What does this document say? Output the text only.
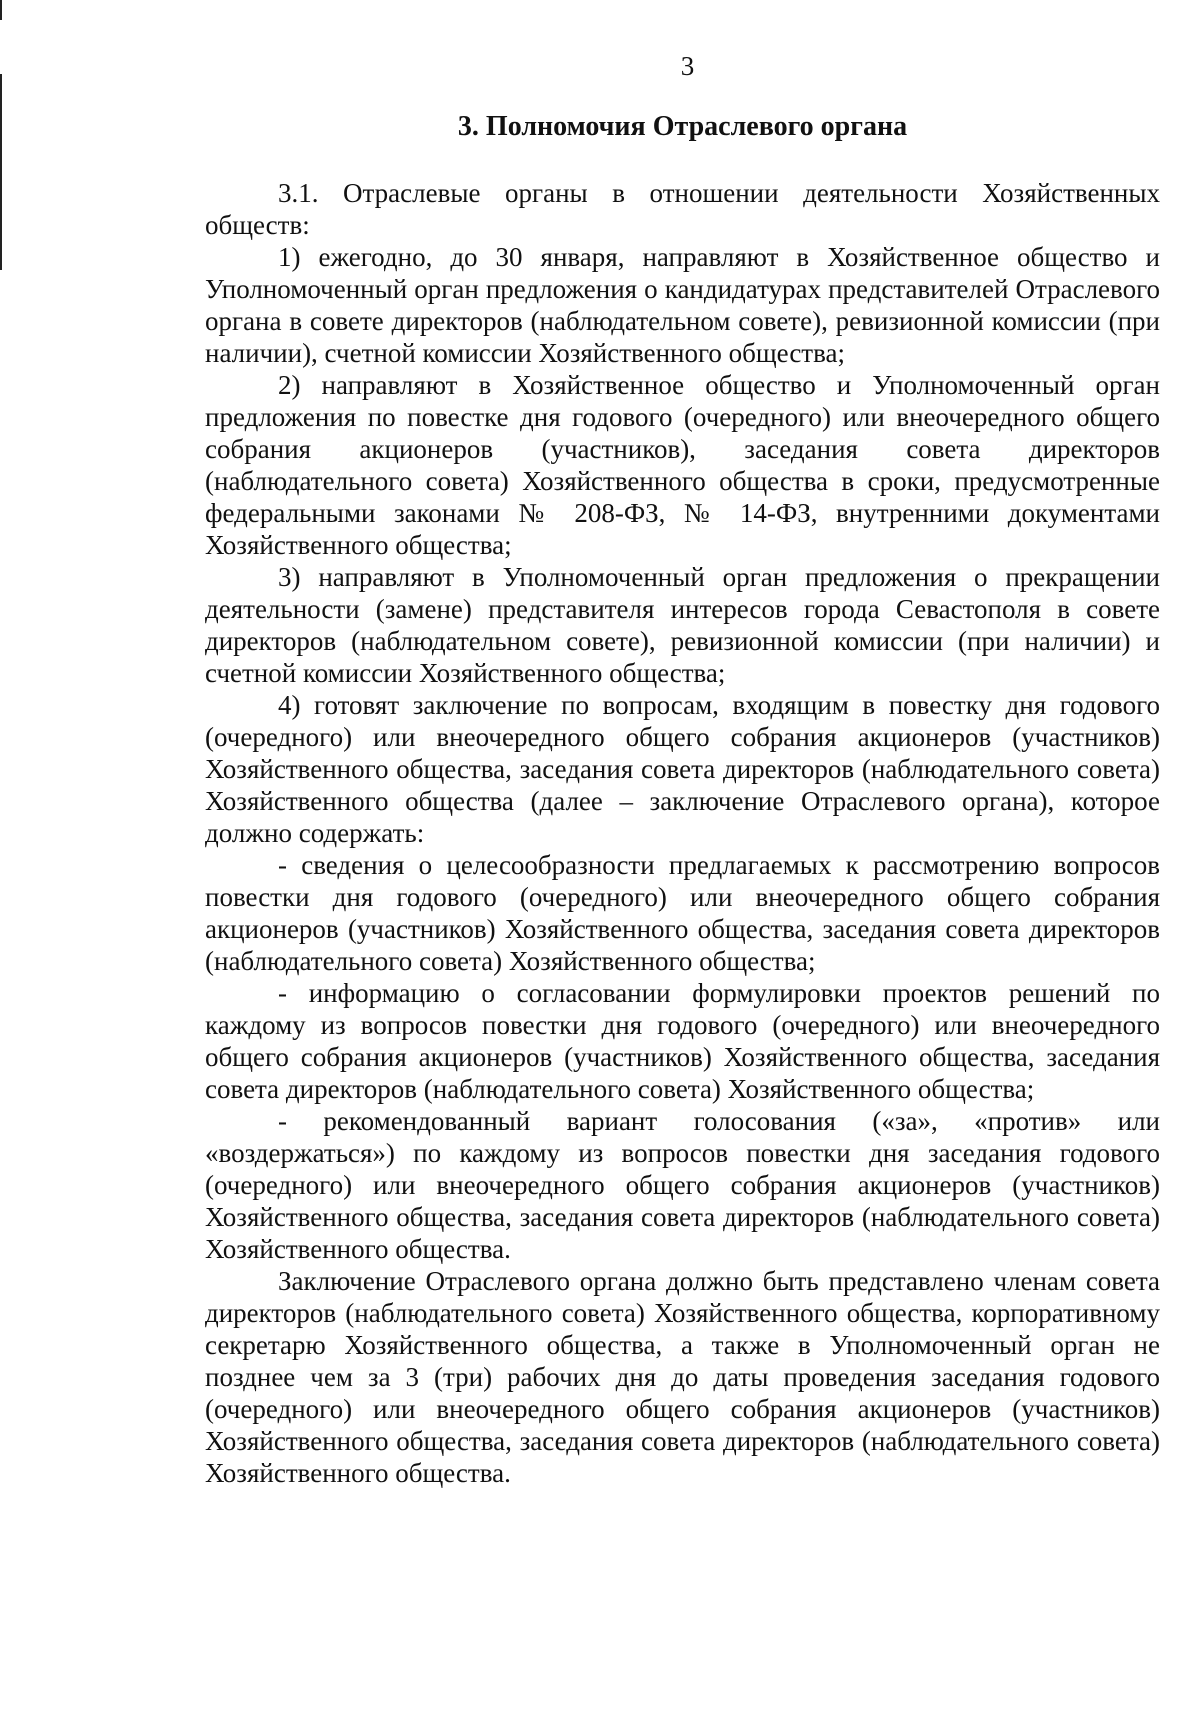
3
3. Полномочия Отраслевого органа

3.1. Отраслевые органы в отношении деятельности Хозяйственных обществ:

1) ежегодно, до 30 января, направляют в Хозяйственное общество и Уполномоченный орган предложения о кандидатурах представителей Отраслевого органа в совете директоров (наблюдательном совете), ревизионной комиссии (при наличии), счетной комиссии Хозяйственного общества;

2) направляют в Хозяйственное общество и Уполномоченный орган предложения по повестке дня годового (очередного) или внеочередного общего собрания акционеров (участников), заседания совета директоров (наблюдательного совета) Хозяйственного общества в сроки, предусмотренные федеральными законами № 208-ФЗ, № 14-ФЗ, внутренними документами Хозяйственного общества;

3) направляют в Уполномоченный орган предложения о прекращении деятельности (замене) представителя интересов города Севастополя в совете директоров (наблюдательном совете), ревизионной комиссии (при наличии) и счетной комиссии Хозяйственного общества;

4) готовят заключение по вопросам, входящим в повестку дня годового (очередного) или внеочередного общего собрания акционеров (участников) Хозяйственного общества, заседания совета директоров (наблюдательного совета) Хозяйственного общества (далее – заключение Отраслевого органа), которое должно содержать:

- сведения о целесообразности предлагаемых к рассмотрению вопросов повестки дня годового (очередного) или внеочередного общего собрания акционеров (участников) Хозяйственного общества, заседания совета директоров (наблюдательного совета) Хозяйственного общества;

- информацию о согласовании формулировки проектов решений по каждому из вопросов повестки дня годового (очередного) или внеочередного общего собрания акционеров (участников) Хозяйственного общества, заседания совета директоров (наблюдательного совета) Хозяйственного общества;

- рекомендованный вариант голосования («за», «против» или «воздержаться») по каждому из вопросов повестки дня заседания годового (очередного) или внеочередного общего собрания акционеров (участников) Хозяйственного общества, заседания совета директоров (наблюдательного совета) Хозяйственного общества.

Заключение Отраслевого органа должно быть представлено членам совета директоров (наблюдательного совета) Хозяйственного общества, корпоративному секретарю Хозяйственного общества, а также в Уполномоченный орган не позднее чем за 3 (три) рабочих дня до даты проведения заседания годового (очередного) или внеочередного общего собрания акционеров (участников) Хозяйственного общества, заседания совета директоров (наблюдательного совета) Хозяйственного общества.
